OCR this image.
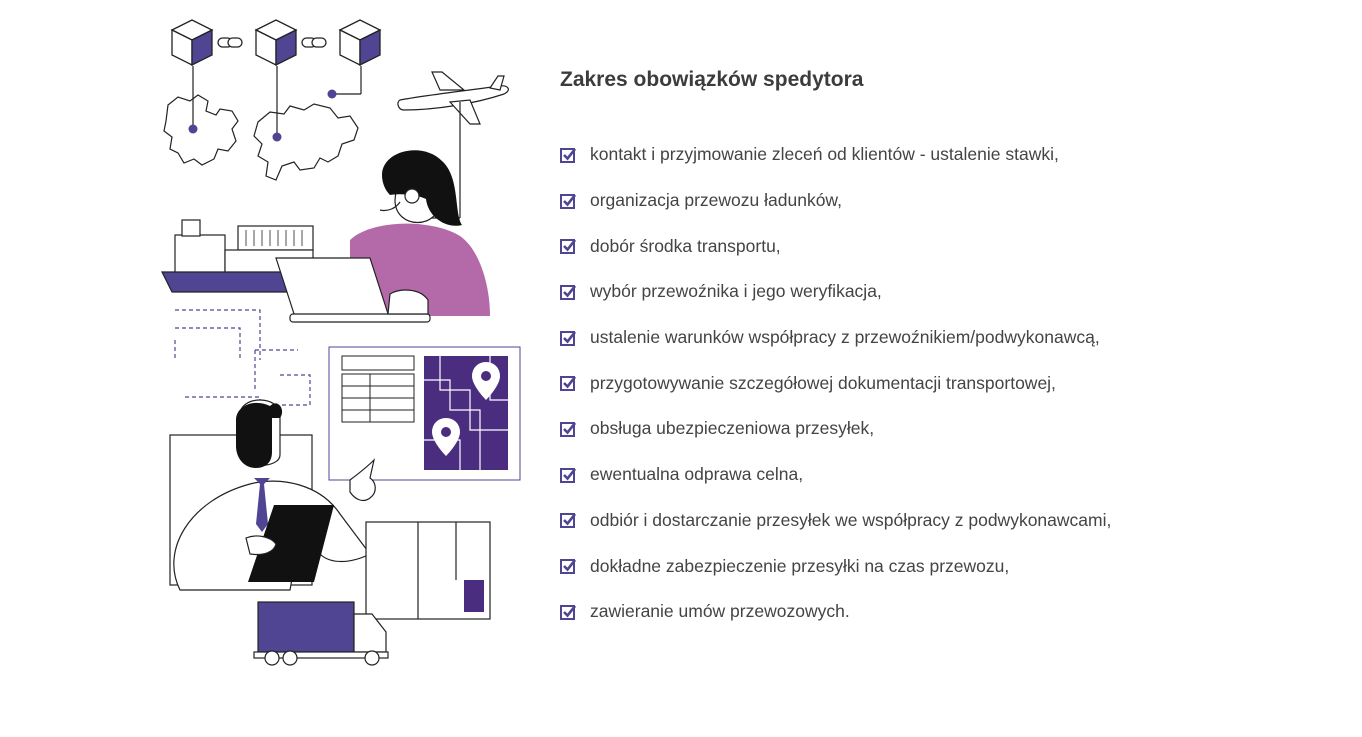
Zakres obowiązków spedytora
kontakt i przyjmowanie zleceń od klientów - ustalenie stawki,
organizacja przewozu ładunków,
dobór środka transportu,
wybór przewoźnika i jego weryfikacja,
ustalenie warunków współpracy z przewoźnikiem/podwykonawcą,
przygotowywanie szczegółowej dokumentacji transportowej,
obsługa ubezpieczeniowa przesyłek,
ewentualna odprawa celna,
odbiór i dostarczanie przesyłek we współpracy z podwykonawcami,
dokładne zabezpieczenie przesyłki na czas przewozu,
zawieranie umów przewozowych.
